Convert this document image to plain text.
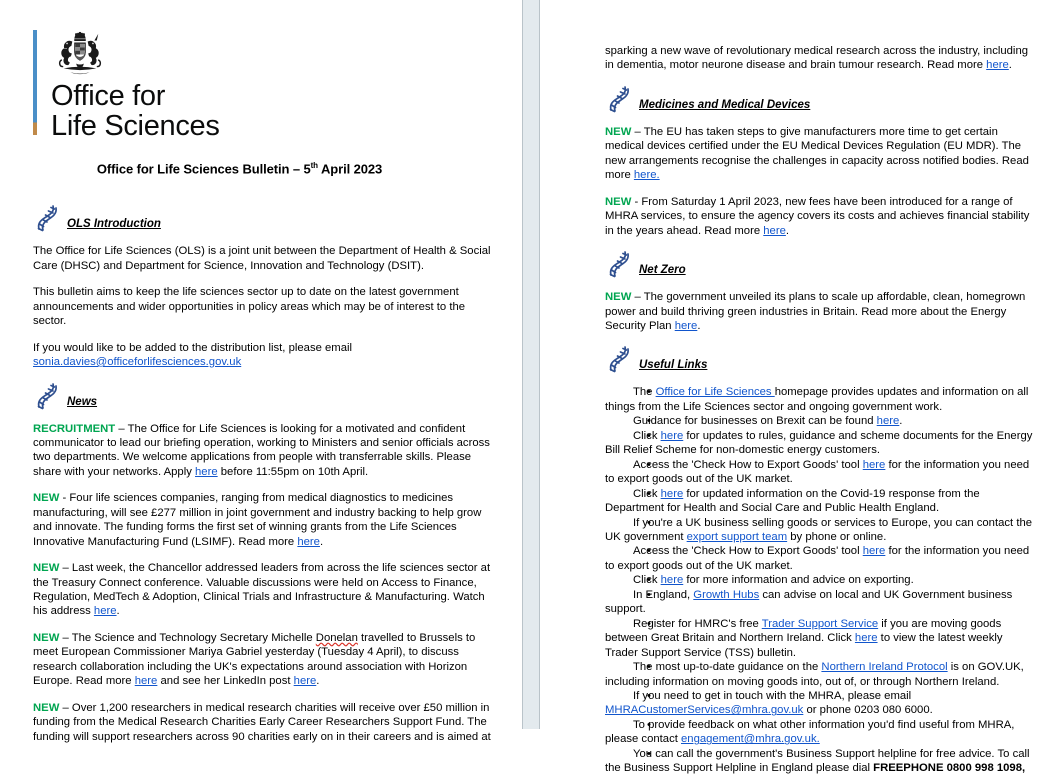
Office for
Life Sciences
Office for Life Sciences Bulletin – 5th April 2023
OLS Introduction

The Office for Life Sciences (OLS) is a joint unit between the Department of Health & Social Care (DHSC) and Department for Science, Innovation and Technology (DSIT).

This bulletin aims to keep the life sciences sector up to date on the latest government announcements and wider opportunities in policy areas which may be of interest to the sector.

If you would like to be added to the distribution list, please email sonia.davies@officeforlifesciences.gov.uk

News

RECRUITMENT – The Office for Life Sciences is looking for a motivated and confident communicator to lead our briefing operation, working to Ministers and senior officials across two departments. We welcome applications from people with transferrable skills. Please share with your networks. Apply here before 11:55pm on 10th April.

NEW - Four life sciences companies, ranging from medical diagnostics to medicines manufacturing, will see £277 million in joint government and industry backing to help grow and innovate. The funding forms the first set of winning grants from the Life Sciences Innovative Manufacturing Fund (LSIMF). Read more here.

NEW – Last week, the Chancellor addressed leaders from across the life sciences sector at the Treasury Connect conference. Valuable discussions were held on Access to Finance, Regulation, MedTech & Adoption, Clinical Trials and Infrastructure & Manufacturing. Watch his address here.

NEW – The Science and Technology Secretary Michelle Donelan travelled to Brussels to meet European Commissioner Mariya Gabriel yesterday (Tuesday 4 April), to discuss research collaboration including the UK's expectations around association with Horizon Europe. Read more here and see her LinkedIn post here.

NEW – Over 1,200 researchers in medical research charities will receive over £50 million in funding from the Medical Research Charities Early Career Researchers Support Fund. The funding will support researchers across 90 charities early on in their careers and is aimed at

sparking a new wave of revolutionary medical research across the industry, including in dementia, motor neurone disease and brain tumour research. Read more here.

Medicines and Medical Devices

NEW – The EU has taken steps to give manufacturers more time to get certain medical devices certified under the EU Medical Devices Regulation (EU MDR). The new arrangements recognise the challenges in capacity across notified bodies. Read more here.

NEW - From Saturday 1 April 2023, new fees have been introduced for a range of MHRA services, to ensure the agency covers its costs and achieves financial stability in the years ahead. Read more here.

Net Zero

NEW – The government unveiled its plans to scale up affordable, clean, homegrown power and build thriving green industries in Britain. Read more about the Energy Security Plan here.

Useful Links
• The Office for Life Sciences homepage provides updates and information on all things from the Life Sciences sector and ongoing government work.
• Guidance for businesses on Brexit can be found here.
• Click here for updates to rules, guidance and scheme documents for the Energy Bill Relief Scheme for non-domestic energy customers.
• Access the 'Check How to Export Goods' tool here for the information you need to export goods out of the UK market.
• Click here for updated information on the Covid-19 response from the Department for Health and Social Care and Public Health England.
• If you're a UK business selling goods or services to Europe, you can contact the UK government export support team by phone or online.
• Access the 'Check How to Export Goods' tool here for the information you need to export goods out of the UK market.
• Click here for more information and advice on exporting.
• In England, Growth Hubs can advise on local and UK Government business support.
• Register for HMRC's free Trader Support Service if you are moving goods between Great Britain and Northern Ireland. Click here to view the latest weekly Trader Support Service (TSS) bulletin.
• The most up-to-date guidance on the Northern Ireland Protocol is on GOV.UK, including information on moving goods into, out of, or through Northern Ireland.
• If you need to get in touch with the MHRA, please email MHRACustomerServices@mhra.gov.uk or phone 0203 080 6000.
• To provide feedback on what other information you'd find useful from MHRA, please contact engagement@mhra.gov.uk.
• You can call the government's Business Support helpline for free advice. To call the Business Support Helpline in England please dial FREEPHONE 0800 998 1098,
